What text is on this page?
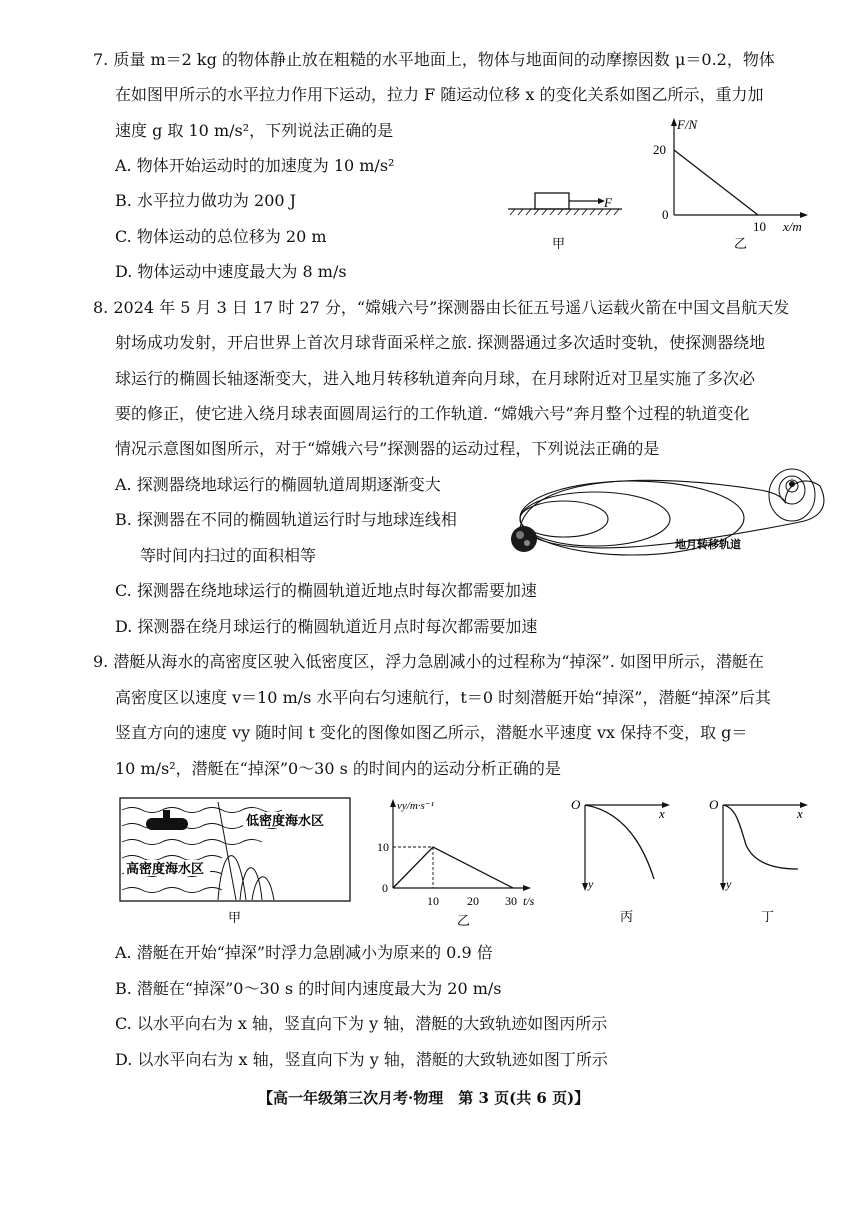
7. 质量 m＝2 kg 的物体静止放在粗糙的水平地面上，物体与地面间的动摩擦因数 μ＝0.2，物体
在如图甲所示的水平拉力作用下运动，拉力 F 随运动位移 x 的变化关系如图乙所示，重力加
速度 g 取 10 m/s²，下列说法正确的是
A. 物体开始运动时的加速度为 10 m/s²
B. 水平拉力做功为 200 J
C. 物体运动的总位移为 20 m
D. 物体运动中速度最大为 8 m/s
F
甲
F/N
20
0
10 x/m
乙
8. 2024 年 5 月 3 日 17 时 27 分，“嫦娥六号”探测器由长征五号遥八运载火箭在中国文昌航天发
射场成功发射，开启世界上首次月球背面采样之旅. 探测器通过多次适时变轨，使探测器绕地
球运行的椭圆长轴逐渐变大，进入地月转移轨道奔向月球，在月球附近对卫星实施了多次必
要的修正，使它进入绕月球表面圆周运行的工作轨道. “嫦娥六号”奔月整个过程的轨道变化
情况示意图如图所示，对于“嫦娥六号”探测器的运动过程，下列说法正确的是
A. 探测器绕地球运行的椭圆轨道周期逐渐变大
B. 探测器在不同的椭圆轨道运行时与地球连线相
等时间内扫过的面积相等
C. 探测器在绕地球运行的椭圆轨道近地点时每次都需要加速
D. 探测器在绕月球运行的椭圆轨道近月点时每次都需要加速
地月转移轨道
9. 潜艇从海水的高密度区驶入低密度区，浮力急剧减小的过程称为“掉深”. 如图甲所示，潜艇在
高密度区以速度 v＝10 m/s 水平向右匀速航行，t＝0 时刻潜艇开始“掉深”，潜艇“掉深”后其
竖直方向的速度 vy 随时间 t 变化的图像如图乙所示，潜艇水平速度 vx 保持不变，取 g＝
10 m/s²，潜艇在“掉深”0～30 s 的时间内的运动分析正确的是
低密度海水区
高密度海水区
甲
vy/m·s⁻¹
10
0
10 20 30 t/s
乙
O
x
y
丙
O
x
y
丁
A. 潜艇在开始“掉深”时浮力急剧减小为原来的 0.9 倍
B. 潜艇在“掉深”0～30 s 的时间内速度最大为 20 m/s
C. 以水平向右为 x 轴，竖直向下为 y 轴，潜艇的大致轨迹如图丙所示
D. 以水平向右为 x 轴，竖直向下为 y 轴，潜艇的大致轨迹如图丁所示
【高一年级第三次月考·物理　第 3 页(共 6 页)】
